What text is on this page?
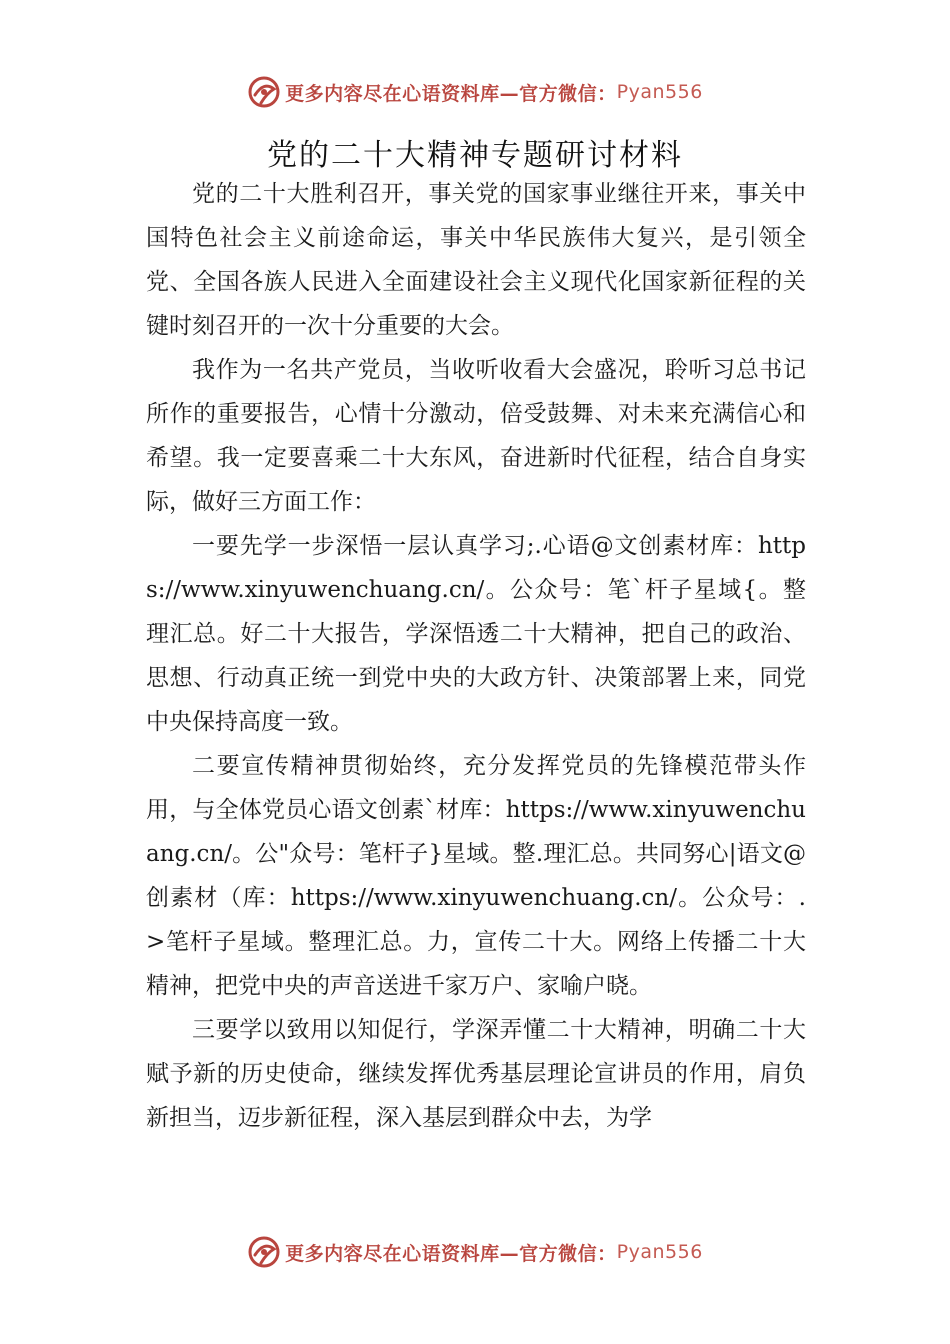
更多内容尽在心语资料库—官方微信： Pyan556
党的二十大精神专题研讨材料

党的二十大胜利召开，事关党的国家事业继往开来，事关中国特色社会主义前途命运，事关中华民族伟大复兴，是引领全党、全国各族人民进入全面建设社会主义现代化国家新征程的关键时刻召开的一次十分重要的大会。

我作为一名共产党员，当收听收看大会盛况，聆听习总书记所作的重要报告，心情十分激动，倍受鼓舞、对未来充满信心和希望。我一定要喜乘二十大东风，奋进新时代征程，结合自身实际，做好三方面工作：

一要先学一步深悟一层认真学习;.心语@文创素材库：https://www.xinyuwenchuang.cn/。公众号：笔`杆子星域{。整理汇总。好二十大报告，学深悟透二十大精神，把自己的政治、思想、行动真正统一到党中央的大政方针、决策部署上来，同党中央保持高度一致。

二要宣传精神贯彻始终，充分发挥党员的先锋模范带头作用，与全体党员心语文创素`材库：https://www.xinyuwenchuang.cn/。公"众号：笔杆子}星域。整.理汇总。共同努心|语文@创素材（库：https://www.xinyuwenchuang.cn/。公众号：.>笔杆子星域。整理汇总。力，宣传二十大。网络上传播二十大精神，把党中央的声音送进千家万户、家喻户晓。

三要学以致用以知促行，学深弄懂二十大精神，明确二十大赋予新的历史使命，继续发挥优秀基层理论宣讲员的作用，肩负新担当，迈步新征程，深入基层到群众中去，为学

更多内容尽在心语资料库—官方微信： Pyan556
